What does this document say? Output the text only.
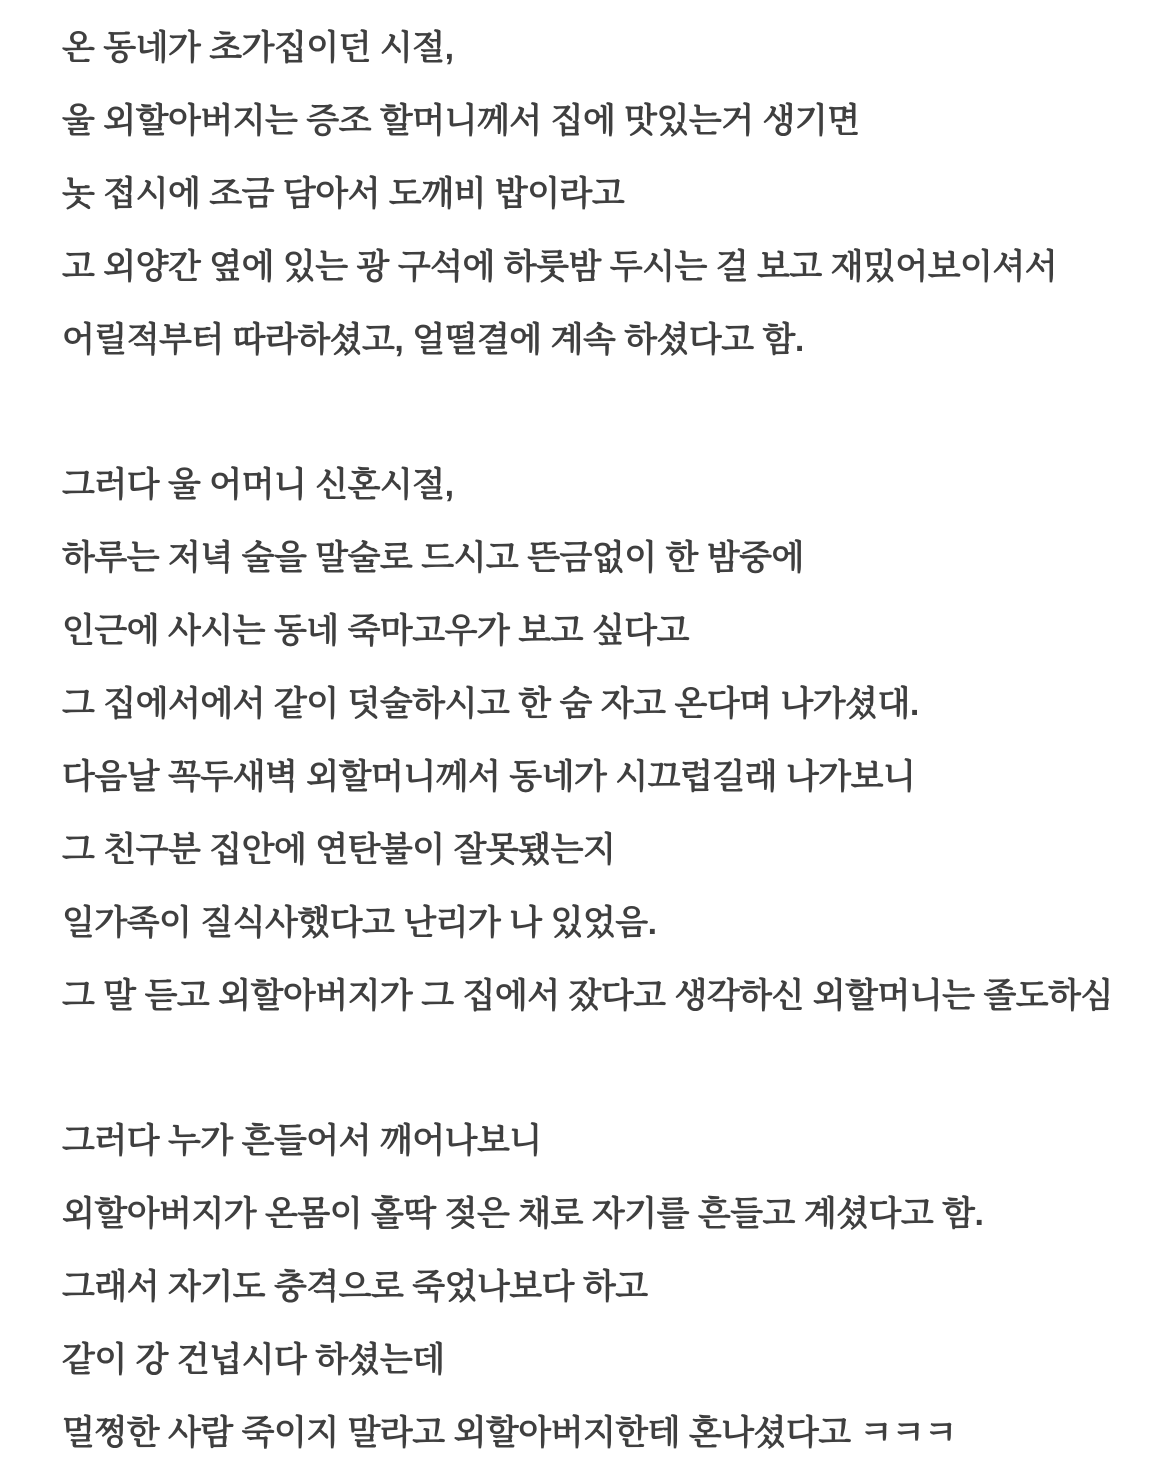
온 동네가 초가집이던 시절,
울 외할아버지는 증조 할머니께서 집에 맛있는거 생기면
놋 접시에 조금 담아서 도깨비 밥이라고
고 외양간 옆에 있는 광 구석에 하룻밤 두시는 걸 보고 재밌어보이셔서
어릴적부터 따라하셨고, 얼떨결에 계속 하셨다고 함.
그러다 울 어머니 신혼시절,
하루는 저녁 술을 말술로 드시고 뜬금없이 한 밤중에
인근에 사시는 동네 죽마고우가 보고 싶다고
그 집에서에서 같이 덧술하시고 한 숨 자고 온다며 나가셨대.
다음날 꼭두새벽 외할머니께서 동네가 시끄럽길래 나가보니
그 친구분 집안에 연탄불이 잘못됐는지
일가족이 질식사했다고 난리가 나 있었음.
그 말 듣고 외할아버지가 그 집에서 잤다고 생각하신 외할머니는 졸도하심
그러다 누가 흔들어서 깨어나보니
외할아버지가 온몸이 홀딱 젖은 채로 자기를 흔들고 계셨다고 함.
그래서 자기도 충격으로 죽었나보다 하고
같이 강 건넙시다 하셨는데
멀쩡한 사람 죽이지 말라고 외할아버지한테 혼나셨다고 ㅋㅋㅋ
